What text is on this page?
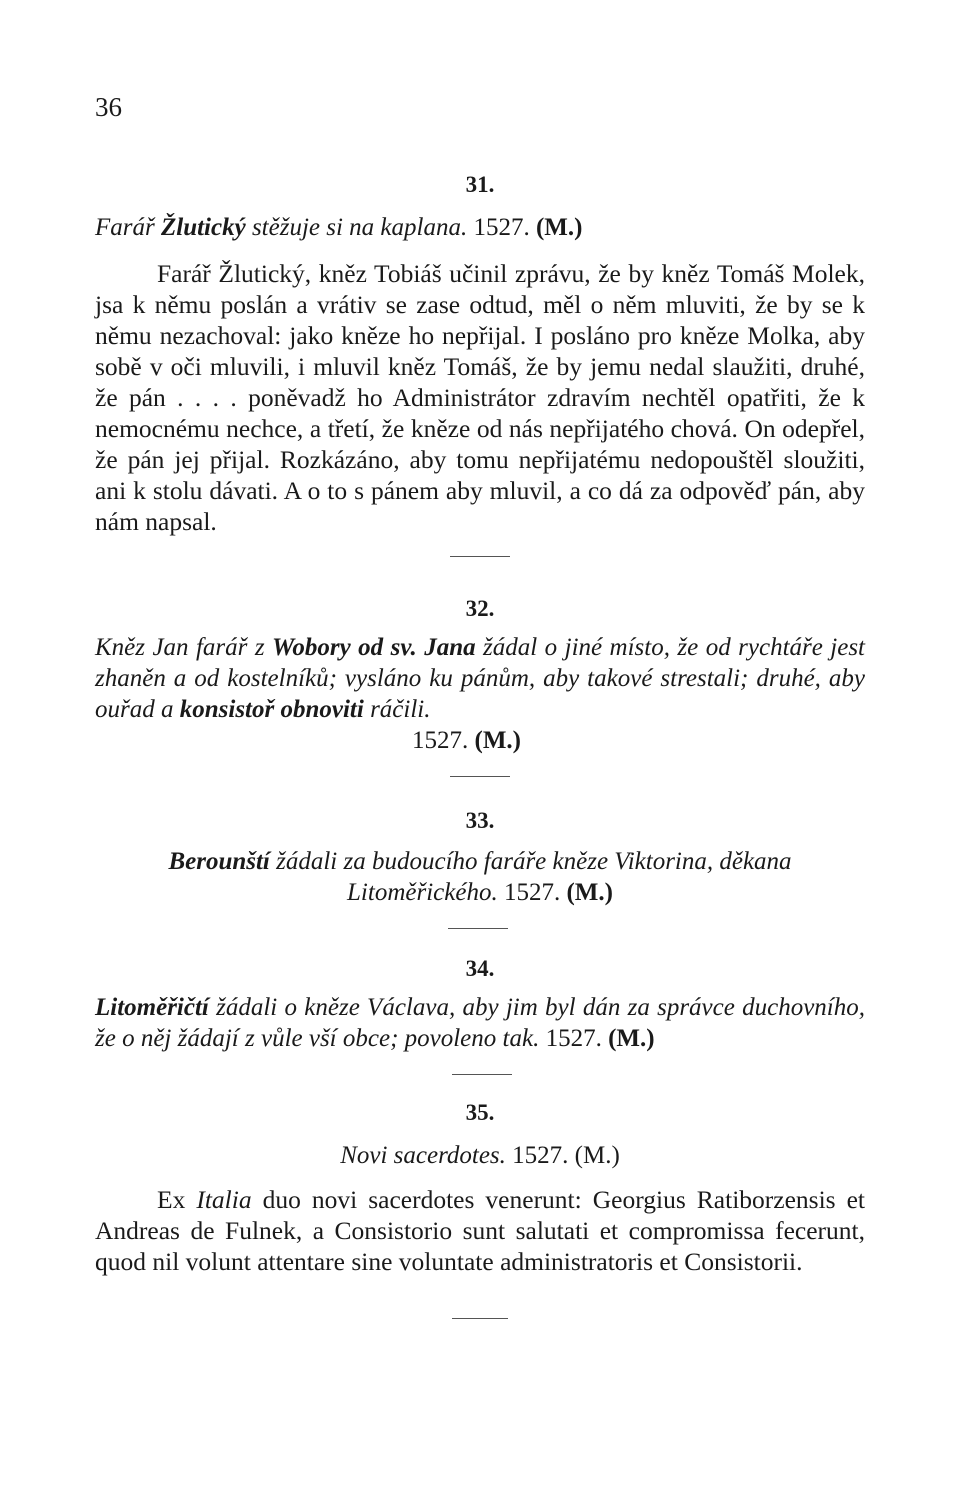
36
31.
Farář Žlutický stěžuje si na kaplana. 1527. (M.)

Farář Žlutický, kněz Tobiáš učinil zprávu, že by kněz Tomáš Molek, jsa k němu poslán a vrátiv se zase odtud, měl o něm mluviti, že by se k němu nezachoval: jako kněze ho nepřijal. I posláno pro kněze Molka, aby sobě v oči mluvili, i mluvil kněz Tomáš, že by jemu nedal slaužiti, druhé, že pán . . . . poněvadž ho Administrátor zdravím nechtěl opatřiti, že k nemocnému nechce, a třetí, že kněze od nás nepřijatého chová. On odepřel, že pán jej přijal. Rozkázáno, aby tomu nepřijatému nedopouštěl sloužiti, ani k stolu dávati. A o to s pánem aby mluvil, a co dá za odpověď pán, aby nám napsal.

32.
Kněz Jan farář z Wobory od sv. Jana žádal o jiné místo, že od rychtáře jest zhaněn a od kostelníků; vysláno ku pánům, aby takové strestali; druhé, aby ouřad a konsistoř obnoviti ráčili.
1527. (M.)
33.
Berounští žádali za budoucího faráře kněze Viktorina, děkana Litoměřického. 1527. (M.)
34.
Litoměřičtí žádali o kněze Václava, aby jim byl dán za správce duchovního, že o něj žádají z vůle vší obce; povoleno tak. 1527. (M.)
35.
Novi sacerdotes. 1527. (M.)

Ex Italia duo novi sacerdotes venerunt: Georgius Ratiborzensis et Andreas de Fulnek, a Consistorio sunt salutati et compromissa fecerunt, quod nil volunt attentare sine voluntate administratoris et Consistorii.
